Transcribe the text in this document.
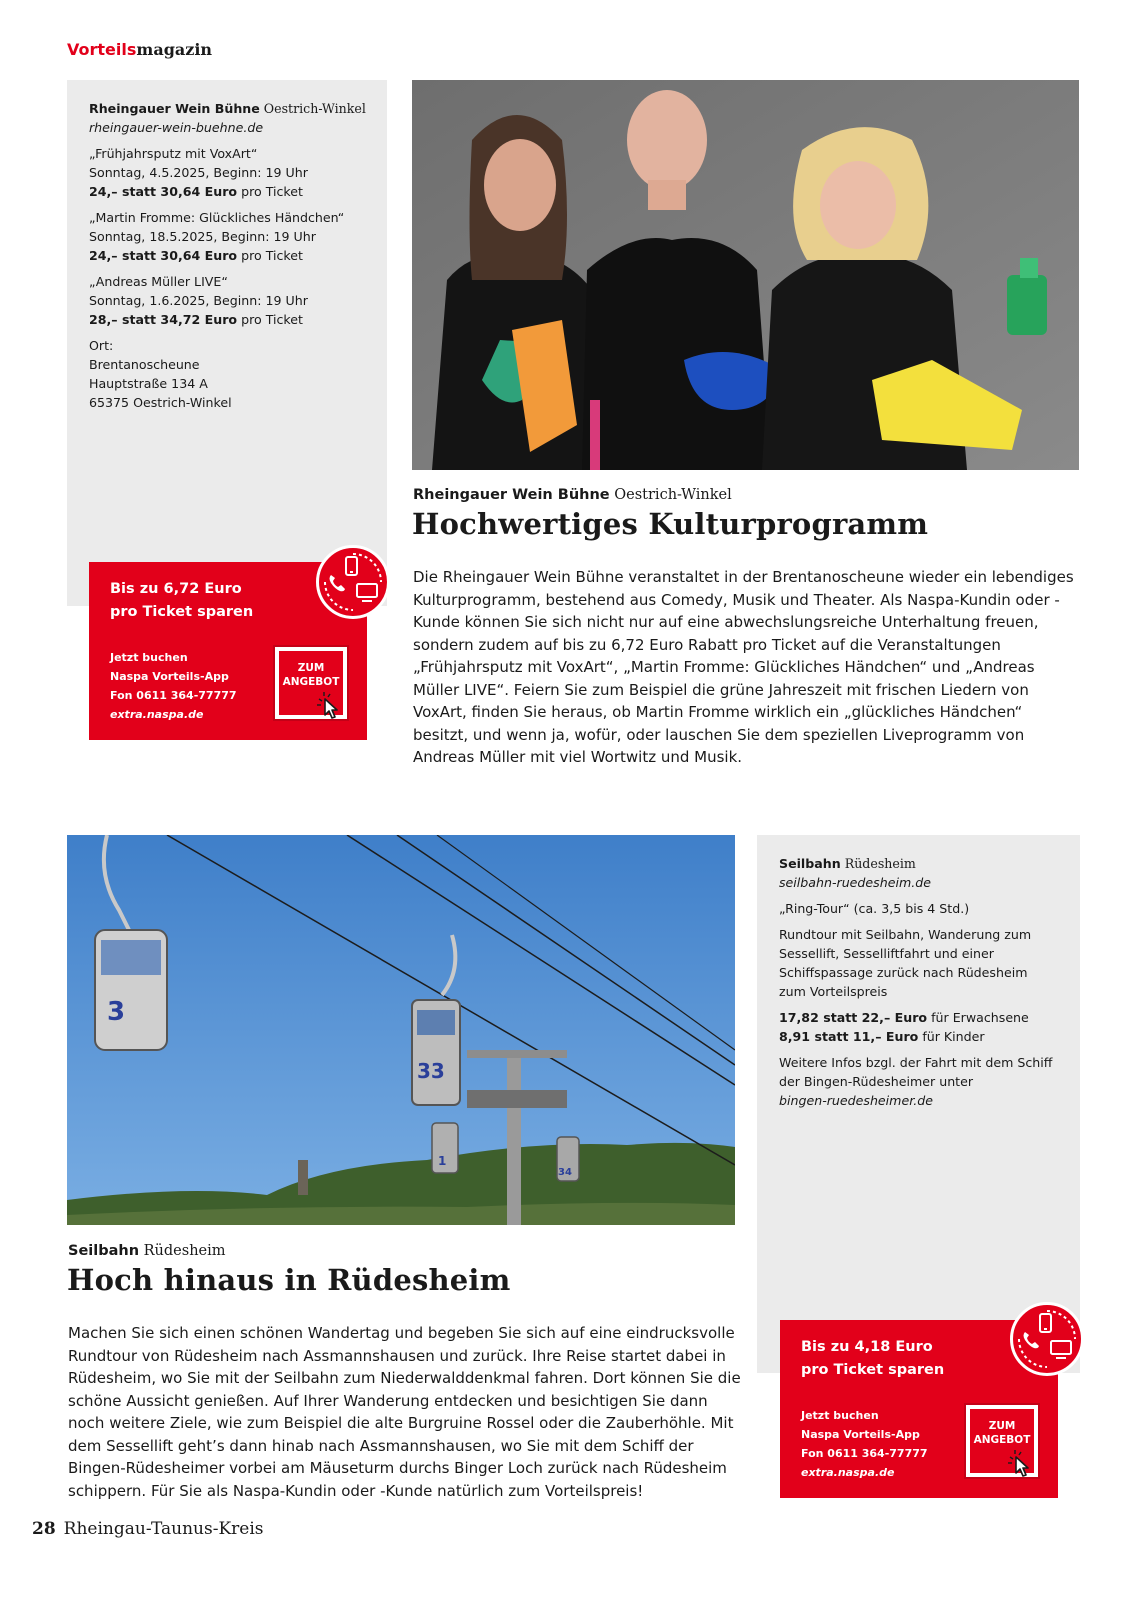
Vorteilsmagazin

Rheingauer Wein Bühne Oestrich-Winkel
rheingauer-wein-buehne.de

„Frühjahrsputz mit VoxArt“
Sonntag, 4.5.2025, Beginn: 19 Uhr
24,– statt 30,64 Euro pro Ticket

„Martin Fromme: Glückliches Händchen“
Sonntag, 18.5.2025, Beginn: 19 Uhr
24,– statt 30,64 Euro pro Ticket

„Andreas Müller LIVE“
Sonntag, 1.6.2025, Beginn: 19 Uhr
28,– statt 34,72 Euro pro Ticket

Ort:
Brentanoscheune
Hauptstraße 134 A
65375 Oestrich-Winkel

Bis zu 6,72 Euro
pro Ticket sparen
Jetzt buchen
Naspa Vorteils-App
Fon 0611 364-77777
extra.naspa.de
ZUM
ANGEBOT
Rheingauer Wein Bühne Oestrich-Winkel
Hochwertiges Kulturprogramm
Die Rheingauer Wein Bühne veranstaltet in der Brentanoscheune wieder ein lebendiges Kulturprogramm, bestehend aus Comedy, Musik und Theater. Als Naspa-Kundin oder -Kunde können Sie sich nicht nur auf eine abwechslungsreiche Unterhaltung freuen, sondern zudem auf bis zu 6,72 Euro Rabatt pro Ticket auf die Veranstaltungen „Frühjahrsputz mit VoxArt“, „Martin Fromme: Glückliches Händchen“ und „Andreas Müller LIVE“. Feiern Sie zum Beispiel die grüne Jahreszeit mit frischen Liedern von VoxArt, finden Sie heraus, ob Martin Fromme wirklich ein „glückliches Händchen“ besitzt, und wenn ja, wofür, oder lauschen Sie dem speziellen Liveprogramm von Andreas Müller mit viel Wortwitz und Musik.
3
33
1
34

Seilbahn Rüdesheim
seilbahn-ruedesheim.de

„Ring-Tour“ (ca. 3,5 bis 4 Std.)

Rundtour mit Seilbahn, Wanderung zum
Sessellift, Sesselliftfahrt und einer
Schiffspassage zurück nach Rüdesheim
zum Vorteilspreis

17,82 statt 22,– Euro für Erwachsene
8,91 statt 11,– Euro für Kinder

Weitere Infos bzgl. der Fahrt mit dem Schiff
der Bingen-Rüdesheimer unter
bingen-ruedesheimer.de

Seilbahn Rüdesheim
Hoch hinaus in Rüdesheim
Machen Sie sich einen schönen Wandertag und begeben Sie sich auf eine eindrucksvolle Rundtour von Rüdesheim nach Assmannshausen und zurück. Ihre Reise startet dabei in Rüdesheim, wo Sie mit der Seilbahn zum Niederwalddenkmal fahren. Dort können Sie die schöne Aussicht genießen. Auf Ihrer Wanderung entdecken und besichtigen Sie dann noch weitere Ziele, wie zum Beispiel die alte Burgruine Rossel oder die Zauberhöhle. Mit dem Sessellift geht’s dann hinab nach Assmannshausen, wo Sie mit dem Schiff der Bingen-Rüdesheimer vorbei am Mäuseturm durchs Binger Loch zurück nach Rüdesheim schippern. Für Sie als Naspa-Kundin oder -Kunde natürlich zum Vorteilspreis!
Bis zu 4,18 Euro
pro Ticket sparen
Jetzt buchen
Naspa Vorteils-App
Fon 0611 364-77777
extra.naspa.de
ZUM
ANGEBOT
28 Rheingau-Taunus-Kreis
